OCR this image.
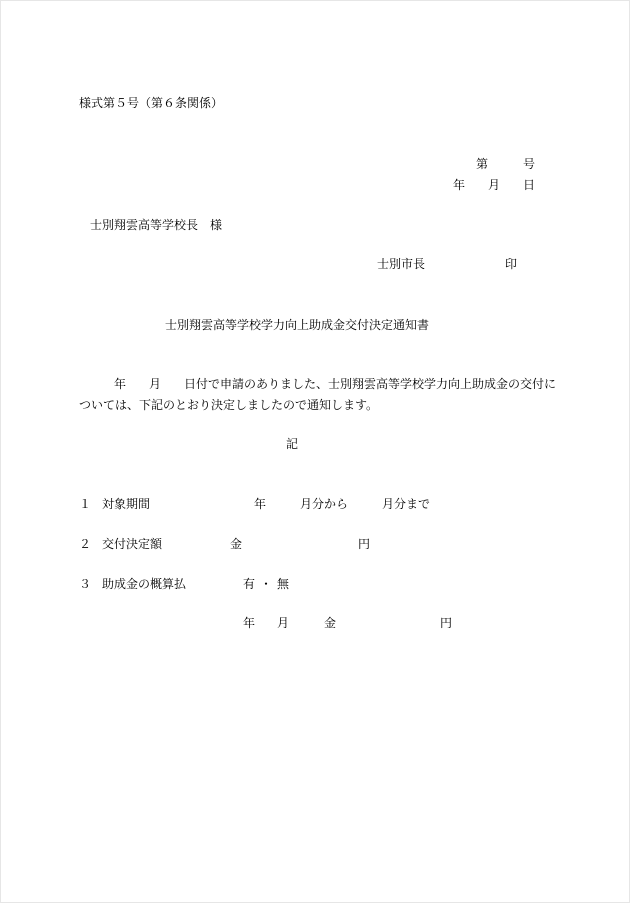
様式第５号（第６条関係）
第	号
年 月 日
士別翔雲高等学校長　様
士別市長	印
士別翔雲高等学校学力向上助成金交付決定通知書
年 月 日付で申請のありました、士別翔雲高等学校学力向上助成金の交付に
ついては、下記のとおり決定しましたので通知します。
記
１ 対象期間	年	月分から	月分まで
２ 交付決定額	金	円
３ 助成金の概算払	有 ・ 無
年 月	金	円
